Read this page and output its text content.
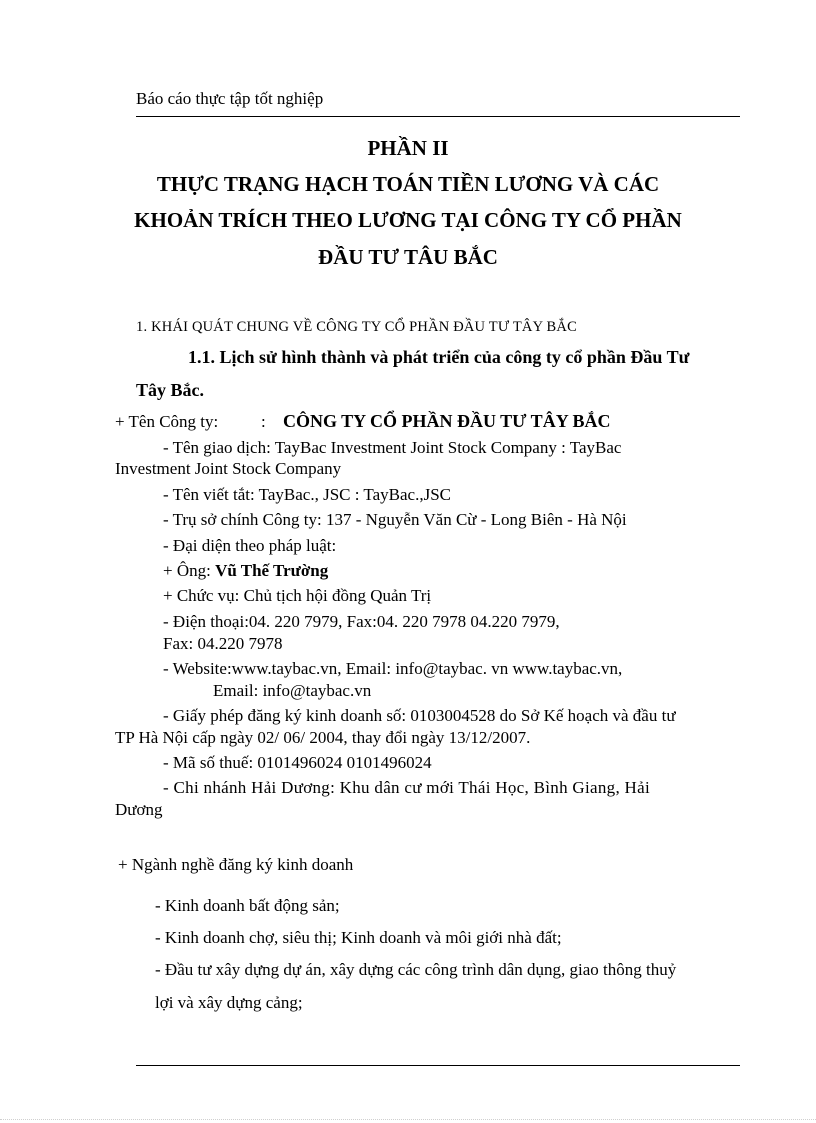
Báo cáo thực tập tốt nghiệp
PHẦN II
THỰC TRẠNG HẠCH TOÁN TIỀN LƯƠNG VÀ CÁC
KHOẢN TRÍCH THEO LƯƠNG TẠI CÔNG TY CỔ PHẦN
ĐẦU TƯ TÂU BẮC
1. KHÁI QUÁT CHUNG VỀ CÔNG TY CỔ PHẦN ĐẦU TƯ TÂY BẮC
1.1. Lịch sử hình thành và phát triển của công ty cổ phần Đầu Tư
Tây Bắc.
+ Tên Công ty:	: CÔNG TY CỔ PHẦN ĐẦU TƯ TÂY BẮC
- Tên giao dịch: TayBac Investment Joint Stock Company : TayBac
Investment Joint Stock Company
- Tên viết tắt: TayBac., JSC : TayBac.,JSC
- Trụ sở chính Công ty: 137 - Nguyễn Văn Cừ - Long Biên - Hà Nội
- Đại diện theo pháp luật:
+ Ông: Vũ Thế Trường
+ Chức vụ: Chủ tịch hội đồng Quản Trị
- Điện thoại:04. 220 7979, Fax:04. 220 7978 04.220 7979,
Fax: 04.220 7978
- Website:www.taybac.vn, Email: info@taybac. vn www.taybac.vn,
Email: info@taybac.vn
- Giấy phép đăng ký kinh doanh số: 0103004528 do Sở Kế hoạch và đầu tư
TP Hà Nội cấp ngày 02/ 06/ 2004, thay đổi ngày 13/12/2007.
- Mã số thuế: 0101496024 0101496024
- Chi nhánh Hải Dương: Khu dân cư mới Thái Học, Bình Giang, Hải
Dương
+ Ngành nghề đăng ký kinh doanh
- Kinh doanh bất động sản;
- Kinh doanh chợ, siêu thị; Kinh doanh và môi giới nhà đất;
- Đầu tư xây dựng dự án, xây dựng các công trình dân dụng, giao thông thuỷ
lợi và xây dựng cảng;
